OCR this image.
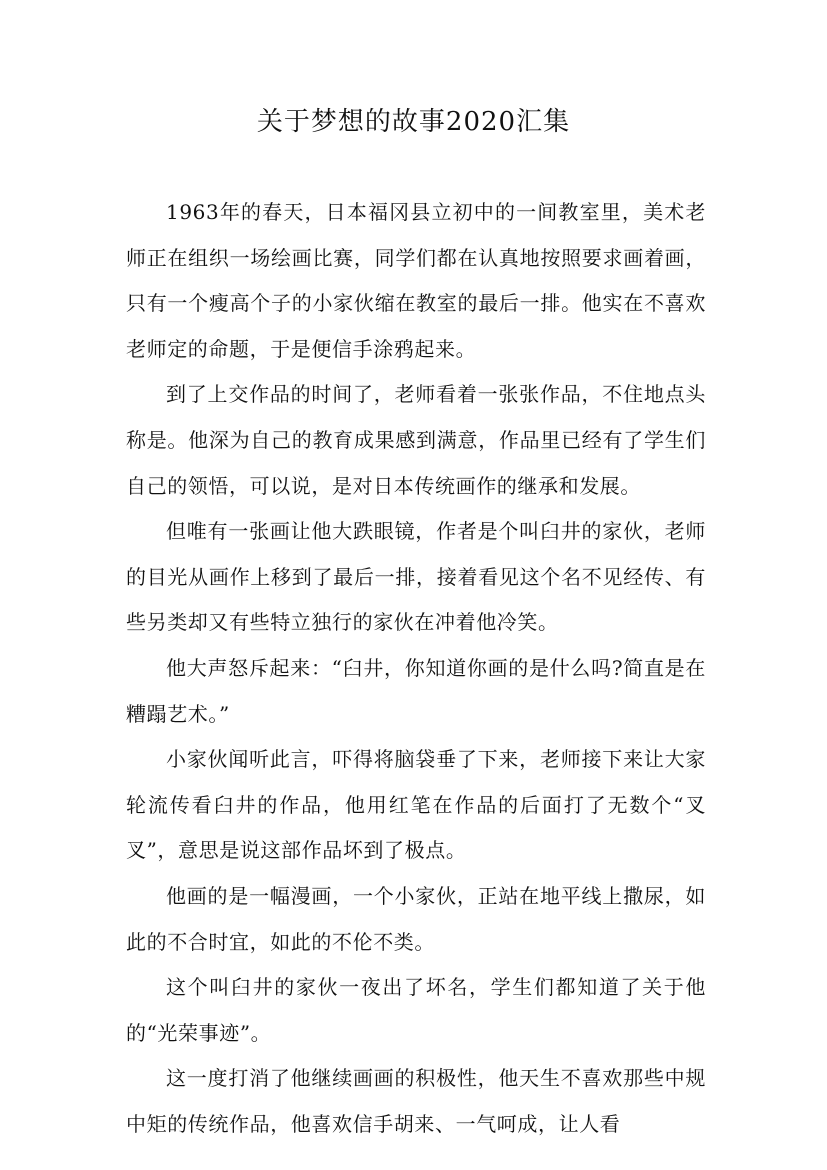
关于梦想的故事2020汇集

1963年的春天，日本福冈县立初中的一间教室里，美术老师正在组织一场绘画比赛，同学们都在认真地按照要求画着画，只有一个瘦高个子的小家伙缩在教室的最后一排。他实在不喜欢老师定的命题，于是便信手涂鸦起来。

到了上交作品的时间了，老师看着一张张作品，不住地点头称是。他深为自己的教育成果感到满意，作品里已经有了学生们自己的领悟，可以说，是对日本传统画作的继承和发展。

但唯有一张画让他大跌眼镜，作者是个叫臼井的家伙，老师的目光从画作上移到了最后一排，接着看见这个名不见经传、有些另类却又有些特立独行的家伙在冲着他冷笑。

他大声怒斥起来：“臼井，你知道你画的是什么吗?简直是在糟蹋艺术。”

小家伙闻听此言，吓得将脑袋垂了下来，老师接下来让大家轮流传看臼井的作品，他用红笔在作品的后面打了无数个“叉叉”，意思是说这部作品坏到了极点。

他画的是一幅漫画，一个小家伙，正站在地平线上撒尿，如此的不合时宜，如此的不伦不类。

这个叫臼井的家伙一夜出了坏名，学生们都知道了关于他的“光荣事迹”。

这一度打消了他继续画画的积极性，他天生不喜欢那些中规中矩的传统作品，他喜欢信手胡来、一气呵成，让人看
